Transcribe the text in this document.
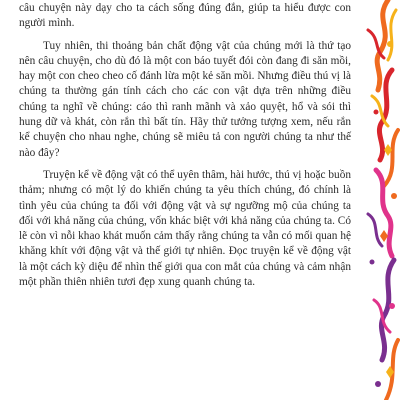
câu chuyện này dạy cho ta cách sống đúng đắn, giúp ta hiểu được con người mình.

Tuy nhiên, thi thoảng bản chất động vật của chúng mới là thứ tạo nên câu chuyện, cho dù đó là một con báo tuyết đói còn đang đi săn mồi, hay một con cheo cheo cố đánh lừa một kẻ săn mồi. Nhưng điều thú vị là chúng ta thường gán tính cách cho các con vật dựa trên những điều chúng ta nghĩ về chúng: cáo thì ranh mãnh và xảo quyệt, hổ và sói thì hung dữ và khát, còn rắn thì bất tín. Hãy thử tưởng tượng xem, nếu rắn kể chuyện cho nhau nghe, chúng sẽ miêu tả con người chúng ta như thế nào đây?

Truyện kể về động vật có thể uyên thâm, hài hước, thú vị hoặc buồn thảm; nhưng có một lý do khiến chúng ta yêu thích chúng, đó chính là tình yêu của chúng ta đối với động vật và sự ngưỡng mộ của chúng ta đối với khả năng của chúng, vốn khác biệt với khả năng của chúng ta. Có lẽ còn vì nỗi khao khát muốn cảm thấy rằng chúng ta vẫn có mối quan hệ khăng khít với động vật và thế giới tự nhiên. Đọc truyện kể về động vật là một cách kỳ diệu để nhìn thế giới qua con mắt của chúng và cảm nhận một phần thiên nhiên tươi đẹp xung quanh chúng ta.
